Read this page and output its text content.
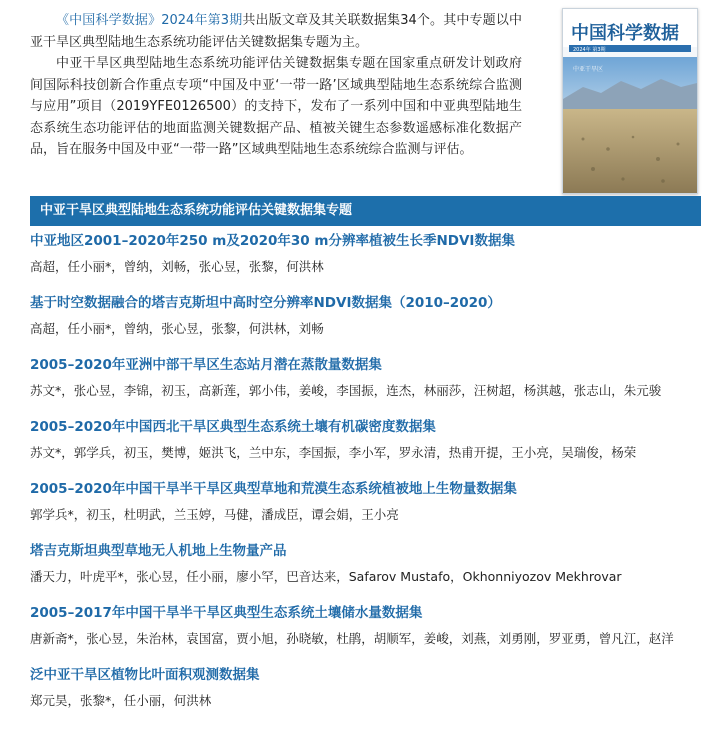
《中国科学数据》2024年第3期共出版文章及其关联数据集34个。其中专题以中亚干旱区典型陆地生态系统功能评估关键数据集专题为主。

中亚干旱区典型陆地生态系统功能评估关键数据集专题在国家重点研发计划政府间国际科技创新合作重点专项“中国及中亚‘一带一路’区域典型陆地生态系统综合监测与应用”项目（2019YFE0126500）的支持下，发布了一系列中国和中亚典型陆地生态系统生态功能评估的地面监测关键数据产品、植被关键生态参数遥感标准化数据产品，旨在服务中国及中亚“一带一路”区域典型陆地生态系统综合监测与评估。

中国科学数据
2024年 第3期
中亚干旱区
中亚干旱区典型陆地生态系统功能评估关键数据集专题
中亚地区2001–2020年250 m及2020年30 m分辨率植被生长季NDVI数据集
高超，任小丽*，曾纳，刘畅，张心昱，张黎，何洪林
基于时空数据融合的塔吉克斯坦中高时空分辨率NDVI数据集（2010–2020）
高超，任小丽*，曾纳，张心昱，张黎，何洪林，刘畅
2005–2020年亚洲中部干旱区生态站月潜在蒸散量数据集
苏文*，张心昱，李锦，初玉，高新莲，郭小伟，姜峻，李国振，连杰，林丽莎，汪树超，杨淇越，张志山，朱元骏
2005–2020年中国西北干旱区典型生态系统土壤有机碳密度数据集
苏文*，郭学兵，初玉，樊博，姬洪飞，兰中东，李国振，李小军，罗永清，热甫开提，王小亮，吴瑞俊，杨荣
2005–2020年中国干旱半干旱区典型草地和荒漠生态系统植被地上生物量数据集
郭学兵*，初玉，杜明武，兰玉婷，马健，潘成臣，谭会娟，王小亮
塔吉克斯坦典型草地无人机地上生物量产品
潘天力，叶虎平*，张心昱，任小丽，廖小罕，巴音达来，Safarov Mustafo，Okhonniyozov Mekhrovar
2005–2017年中国干旱半干旱区典型生态系统土壤储水量数据集
唐新斋*，张心昱，朱治林，袁国富，贾小旭，孙晓敏，杜鹃，胡顺军，姜峻，刘燕，刘勇刚，罗亚勇，曾凡江，赵洋
泛中亚干旱区植物比叶面积观测数据集
郑元昊，张黎*，任小丽，何洪林
